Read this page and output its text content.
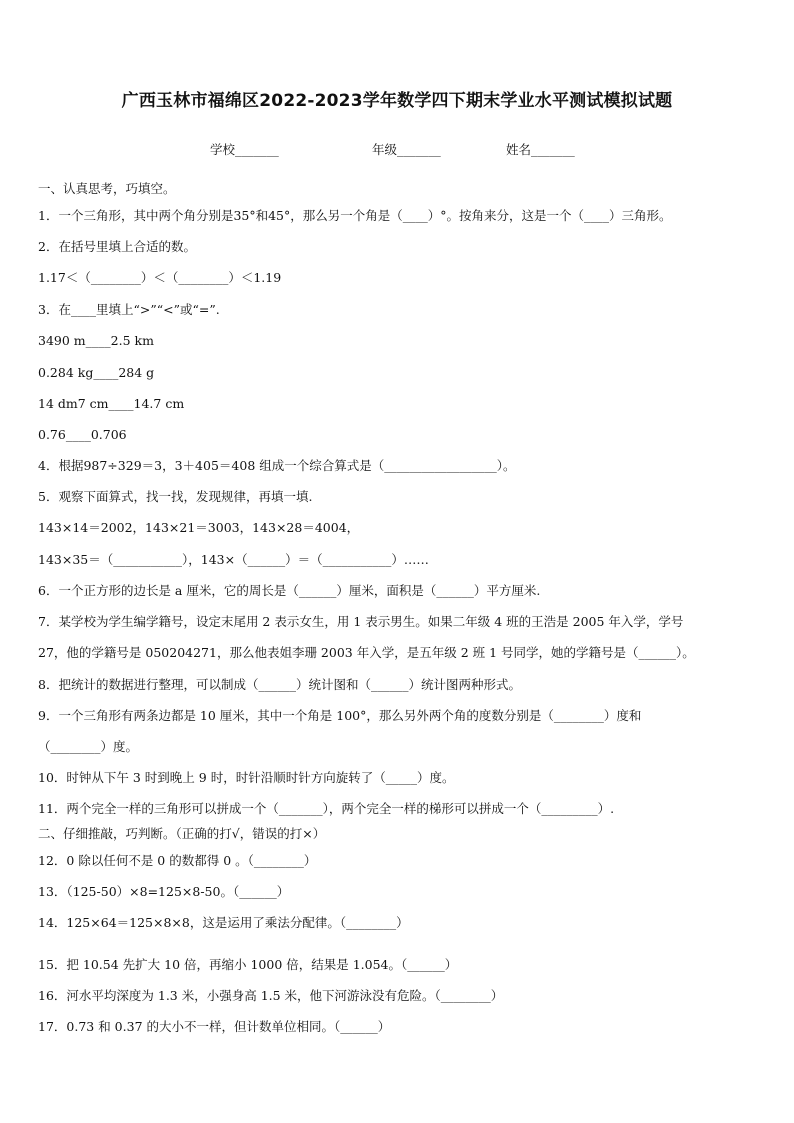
广西玉林市福绵区2022-2023学年数学四下期末学业水平测试模拟试题
学校_______	年级_______	姓名_______
一、认真思考，巧填空。
1．一个三角形，其中两个角分别是35°和45°，那么另一个角是（____）°。按角来分，这是一个（____）三角形。
2．在括号里填上合适的数。
1.17＜（________）＜（________）＜1.19
3．在____里填上“>”“<”或“=”.
3490 m____2.5 km
0.284 kg____284 g
14 dm7 cm____14.7 cm
0.76____0.706
4．根据987÷329＝3，3＋405＝408 组成一个综合算式是（__________________）。
5．观察下面算式，找一找，发现规律，再填一填.
143×14＝2002，143×21＝3003，143×28＝4004，
143×35＝（___________），143×（______）＝（___________）……
6．一个正方形的边长是 a 厘米，它的周长是（______）厘米，面积是（______）平方厘米.
7．某学校为学生编学籍号，设定末尾用 2 表示女生，用 1 表示男生。如果二年级 4 班的王浩是 2005 年入学，学号
27，他的学籍号是 050204271，那么他表姐李珊 2003 年入学，是五年级 2 班 1 号同学，她的学籍号是（______）。
8．把统计的数据进行整理，可以制成（______）统计图和（______）统计图两种形式。
9．一个三角形有两条边都是 10 厘米，其中一个角是 100°，那么另外两个角的度数分别是（________）度和
（________）度。
10．时钟从下午 3 时到晚上 9 时，时针沿顺时针方向旋转了（_____）度。
11．两个完全一样的三角形可以拼成一个（_______），两个完全一样的梯形可以拼成一个（_________）.
二、仔细推敲，巧判断。（正确的打√，错误的打×）
12．0 除以任何不是 0 的数都得 0 。（________）
13．（125-50）×8=125×8-50。（______）
14．125×64＝125×8×8，这是运用了乘法分配律。（________）
15．把 10.54 先扩大 10 倍，再缩小 1000 倍，结果是 1.054。（______）
16．河水平均深度为 1.3 米，小强身高 1.5 米，他下河游泳没有危险。（________）
17．0.73 和 0.37 的大小不一样，但计数单位相同。（______）
